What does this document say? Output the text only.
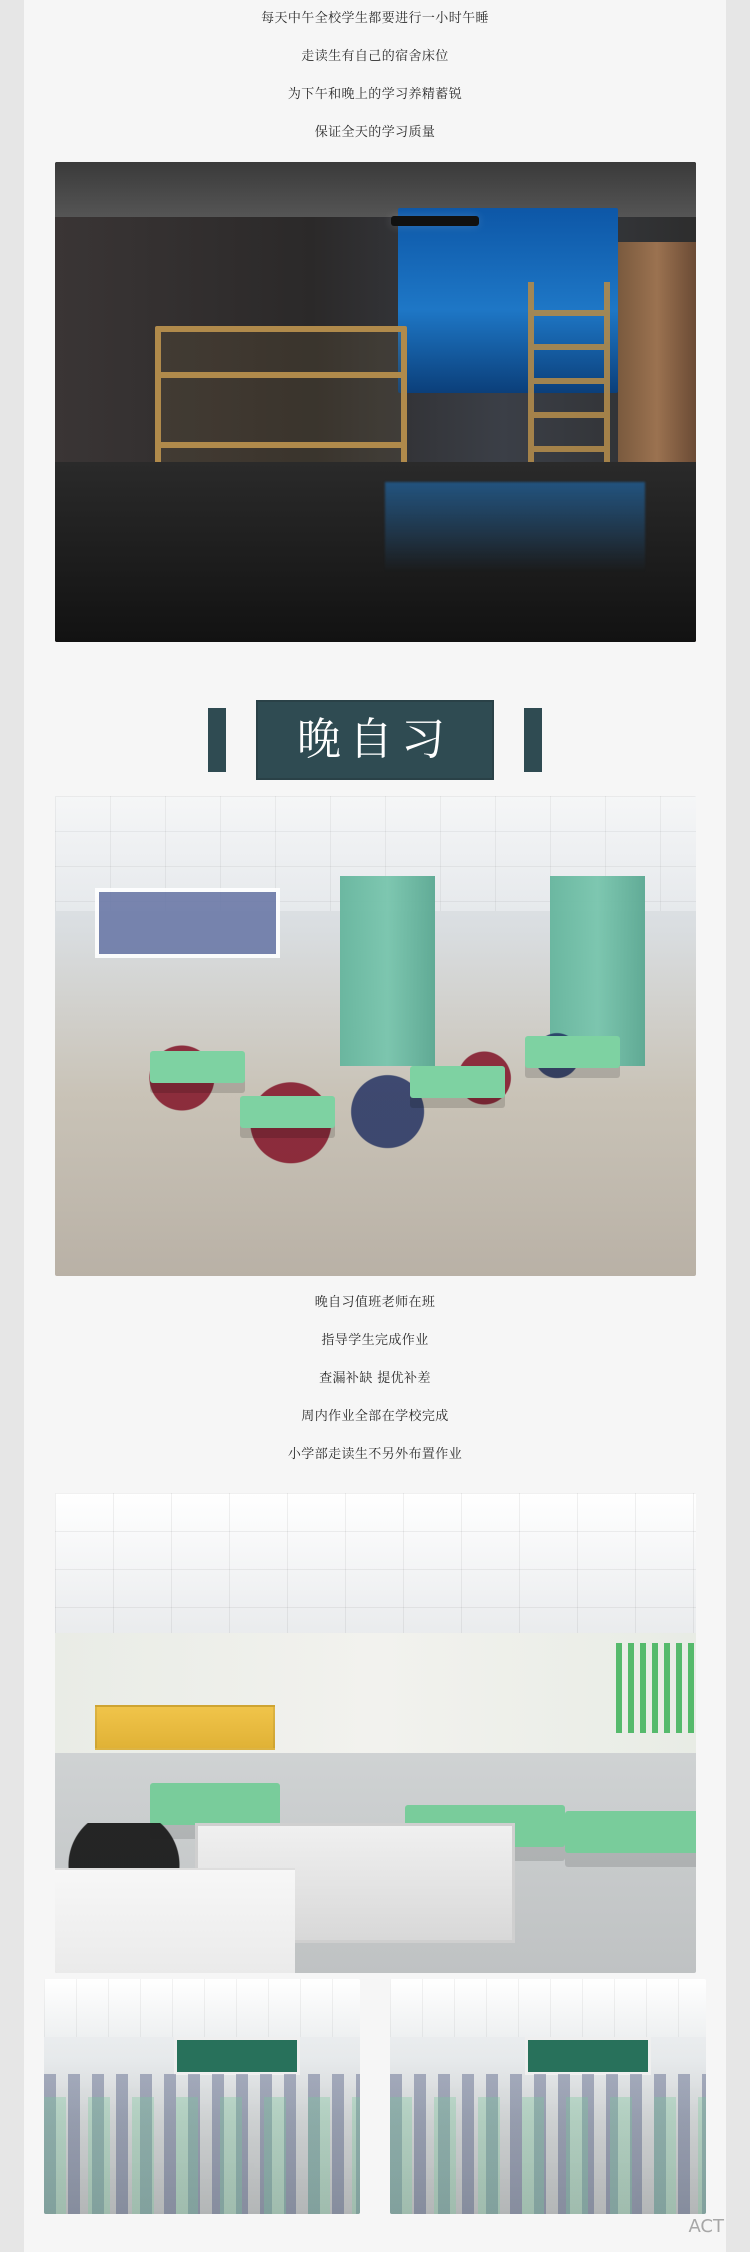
每天中午全校学生都要进行一小时午睡
走读生有自己的宿舍床位
为下午和晚上的学习养精蓄锐
保证全天的学习质量
晚自习
晚自习值班老师在班
指导学生完成作业
查漏补缺 提优补差
周内作业全部在学校完成
小学部走读生不另外布置作业
ACT
